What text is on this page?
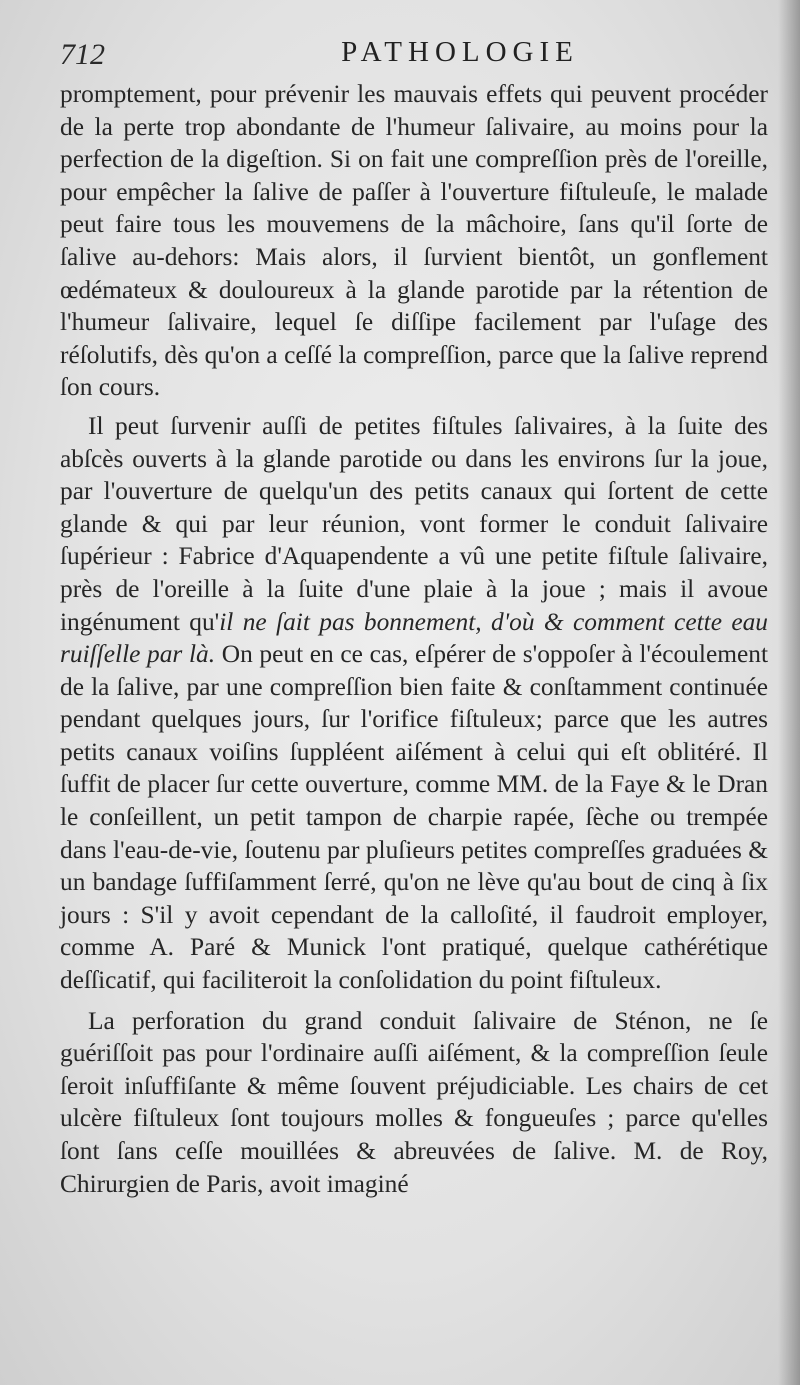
712	PATHOLOGIE

promptement, pour prévenir les mauvais effets qui peuvent procéder de la perte trop abondante de l'humeur ſalivaire, au moins pour la perfection de la digeſtion. Si on fait une compreſſion près de l'oreille, pour empêcher la ſalive de paſſer à l'ouverture fiſtuleuſe, le malade peut faire tous les mouvemens de la mâchoire, ſans qu'il ſorte de ſalive au-dehors: Mais alors, il ſurvient bientôt, un gonflement œdémateux & douloureux à la glande parotide par la rétention de l'humeur ſalivaire, lequel ſe diſſipe facilement par l'uſage des réſolutifs, dès qu'on a ceſſé la compreſſion, parce que la ſalive reprend ſon cours.

Il peut ſurvenir auſſi de petites fiſtules ſalivaires, à la ſuite des abſcès ouverts à la glande parotide ou dans les environs ſur la joue, par l'ouverture de quelqu'un des petits canaux qui ſortent de cette glande & qui par leur réunion, vont former le conduit ſalivaire ſupérieur : Fabrice d'Aquapendente a vû une petite fiſtule ſalivaire, près de l'oreille à la ſuite d'une plaie à la joue ; mais il avoue ingénument qu'il ne ſait pas bonnement, d'où & comment cette eau ruiſſelle par là. On peut en ce cas, eſpérer de s'oppoſer à l'écoulement de la ſalive, par une compreſſion bien faite & conſtamment continuée pendant quelques jours, ſur l'orifice fiſtuleux; parce que les autres petits canaux voiſins ſuppléent aiſément à celui qui eſt oblitéré. Il ſuffit de placer ſur cette ouverture, comme MM. de la Faye & le Dran le conſeillent, un petit tampon de charpie rapée, ſèche ou trempée dans l'eau-de-vie, ſoutenu par pluſieurs petites compreſſes graduées & un bandage ſuffiſamment ſerré, qu'on ne lève qu'au bout de cinq à ſix jours : S'il y avoit cependant de la calloſité, il faudroit employer, comme A. Paré & Munick l'ont pratiqué, quelque cathérétique deſſicatif, qui faciliteroit la conſolidation du point fiſtuleux.

La perforation du grand conduit ſalivaire de Sténon, ne ſe guériſſoit pas pour l'ordinaire auſſi aiſément, & la compreſſion ſeule ſeroit inſuffiſante & même ſouvent préjudiciable. Les chairs de cet ulcère fiſtuleux ſont toujours molles & fongueuſes ; parce qu'elles ſont ſans ceſſe mouillées & abreuvées de ſalive. M. de Roy, Chirurgien de Paris, avoit imaginé
